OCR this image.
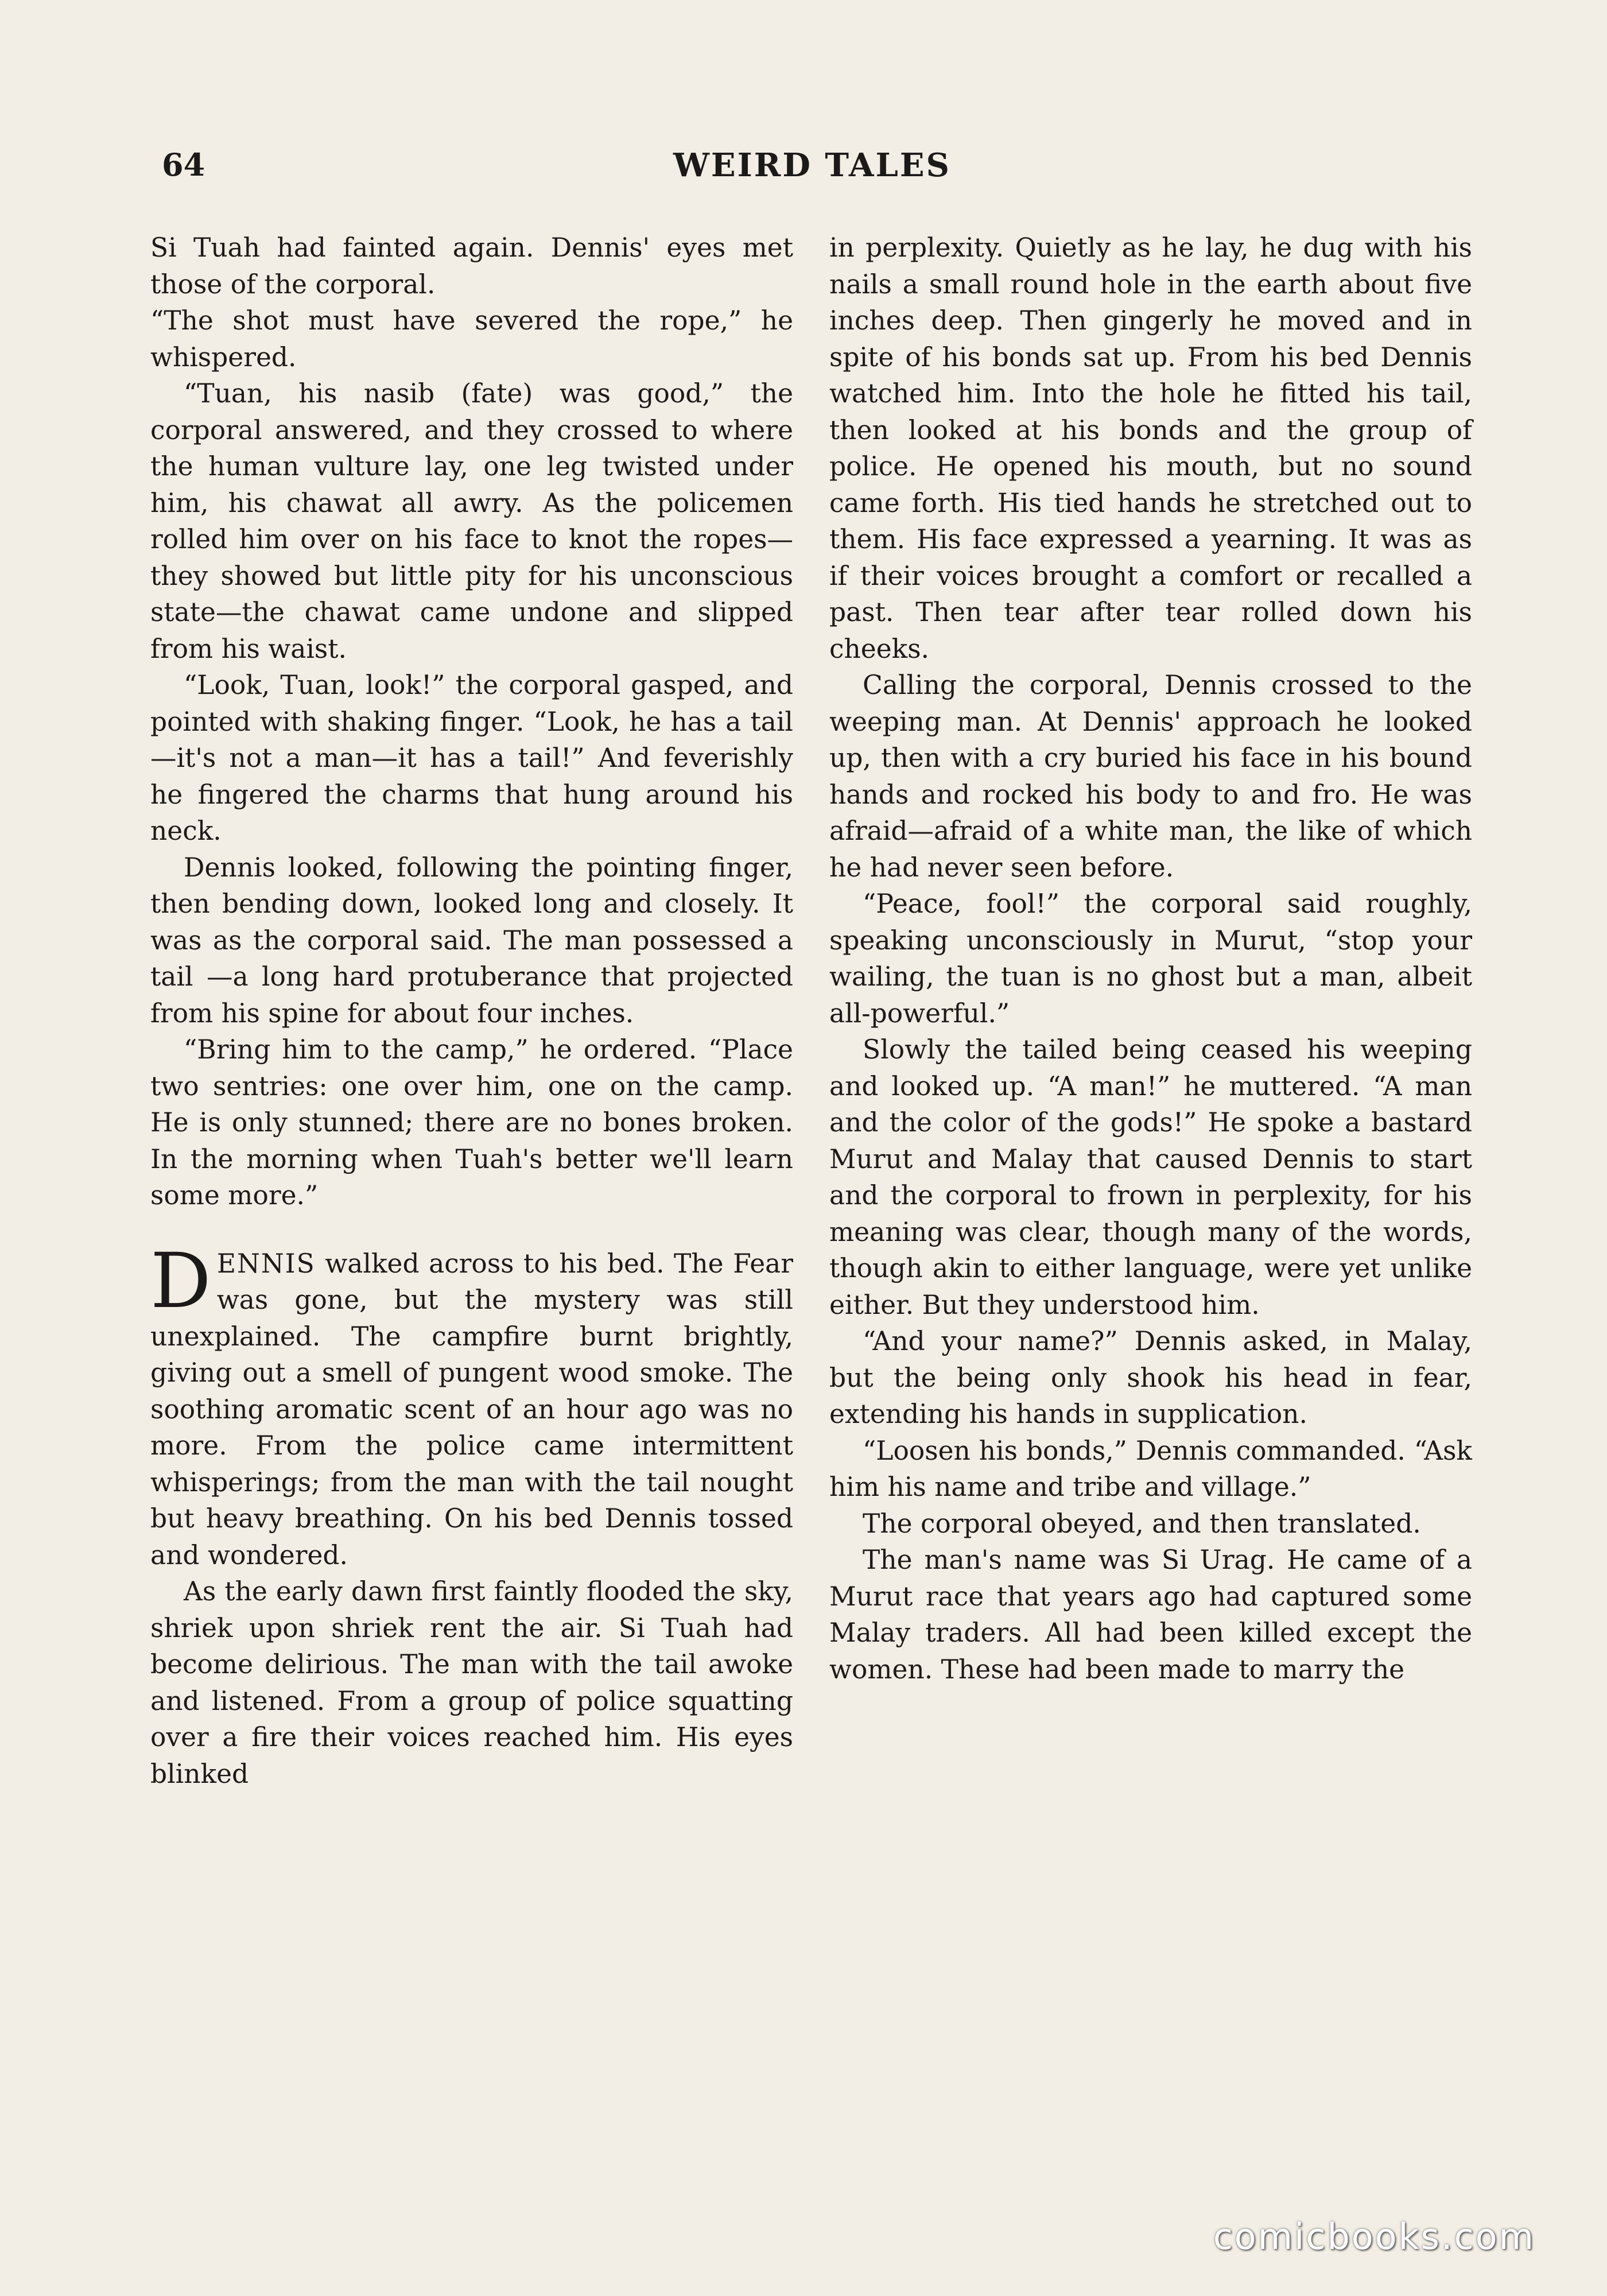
64	WEIRD TALES

Si Tuah had fainted again. Dennis' eyes met those of the corporal.

“The shot must have severed the rope,” he whispered.

“Tuan, his nasib (fate) was good,” the corporal answered, and they crossed to where the human vulture lay, one leg twisted under him, his chawat all awry. As the policemen rolled him over on his face to knot the ropes—they showed but little pity for his unconscious state—the chawat came undone and slipped from his waist.

“Look, Tuan, look!” the corporal gasped, and pointed with shaking finger. “Look, he has a tail—it's not a man—it has a tail!” And feverishly he fingered the charms that hung around his neck.

Dennis looked, following the pointing finger, then bending down, looked long and closely. It was as the corporal said. The man possessed a tail —a long hard protuberance that projected from his spine for about four inches.

“Bring him to the camp,” he ordered. “Place two sentries: one over him, one on the camp. He is only stunned; there are no bones broken. In the morning when Tuah's better we'll learn some more.”

DENNIS walked across to his bed. The Fear was gone, but the mystery was still unexplained. The campfire burnt brightly, giving out a smell of pungent wood smoke. The soothing aromatic scent of an hour ago was no more. From the police came intermittent whisperings; from the man with the tail nought but heavy breathing. On his bed Dennis tossed and wondered.

As the early dawn first faintly flooded the sky, shriek upon shriek rent the air. Si Tuah had become delirious. The man with the tail awoke and listened. From a group of police squatting over a fire their voices reached him. His eyes blinked

in perplexity. Quietly as he lay, he dug with his nails a small round hole in the earth about five inches deep. Then gingerly he moved and in spite of his bonds sat up. From his bed Dennis watched him. Into the hole he fitted his tail, then looked at his bonds and the group of police. He opened his mouth, but no sound came forth. His tied hands he stretched out to them. His face expressed a yearning. It was as if their voices brought a comfort or recalled a past. Then tear after tear rolled down his cheeks.

Calling the corporal, Dennis crossed to the weeping man. At Dennis' approach he looked up, then with a cry buried his face in his bound hands and rocked his body to and fro. He was afraid—afraid of a white man, the like of which he had never seen before.

“Peace, fool!” the corporal said roughly, speaking unconsciously in Murut, “stop your wailing, the tuan is no ghost but a man, albeit all-powerful.”

Slowly the tailed being ceased his weeping and looked up. “A man!” he muttered. “A man and the color of the gods!” He spoke a bastard Murut and Malay that caused Dennis to start and the corporal to frown in perplexity, for his meaning was clear, though many of the words, though akin to either language, were yet unlike either. But they understood him.

“And your name?” Dennis asked, in Malay, but the being only shook his head in fear, extending his hands in supplication.

“Loosen his bonds,” Dennis commanded. “Ask him his name and tribe and village.”

The corporal obeyed, and then translated.

The man's name was Si Urag. He came of a Murut race that years ago had captured some Malay traders. All had been killed except the women. These had been made to marry the

comicbooks.com
